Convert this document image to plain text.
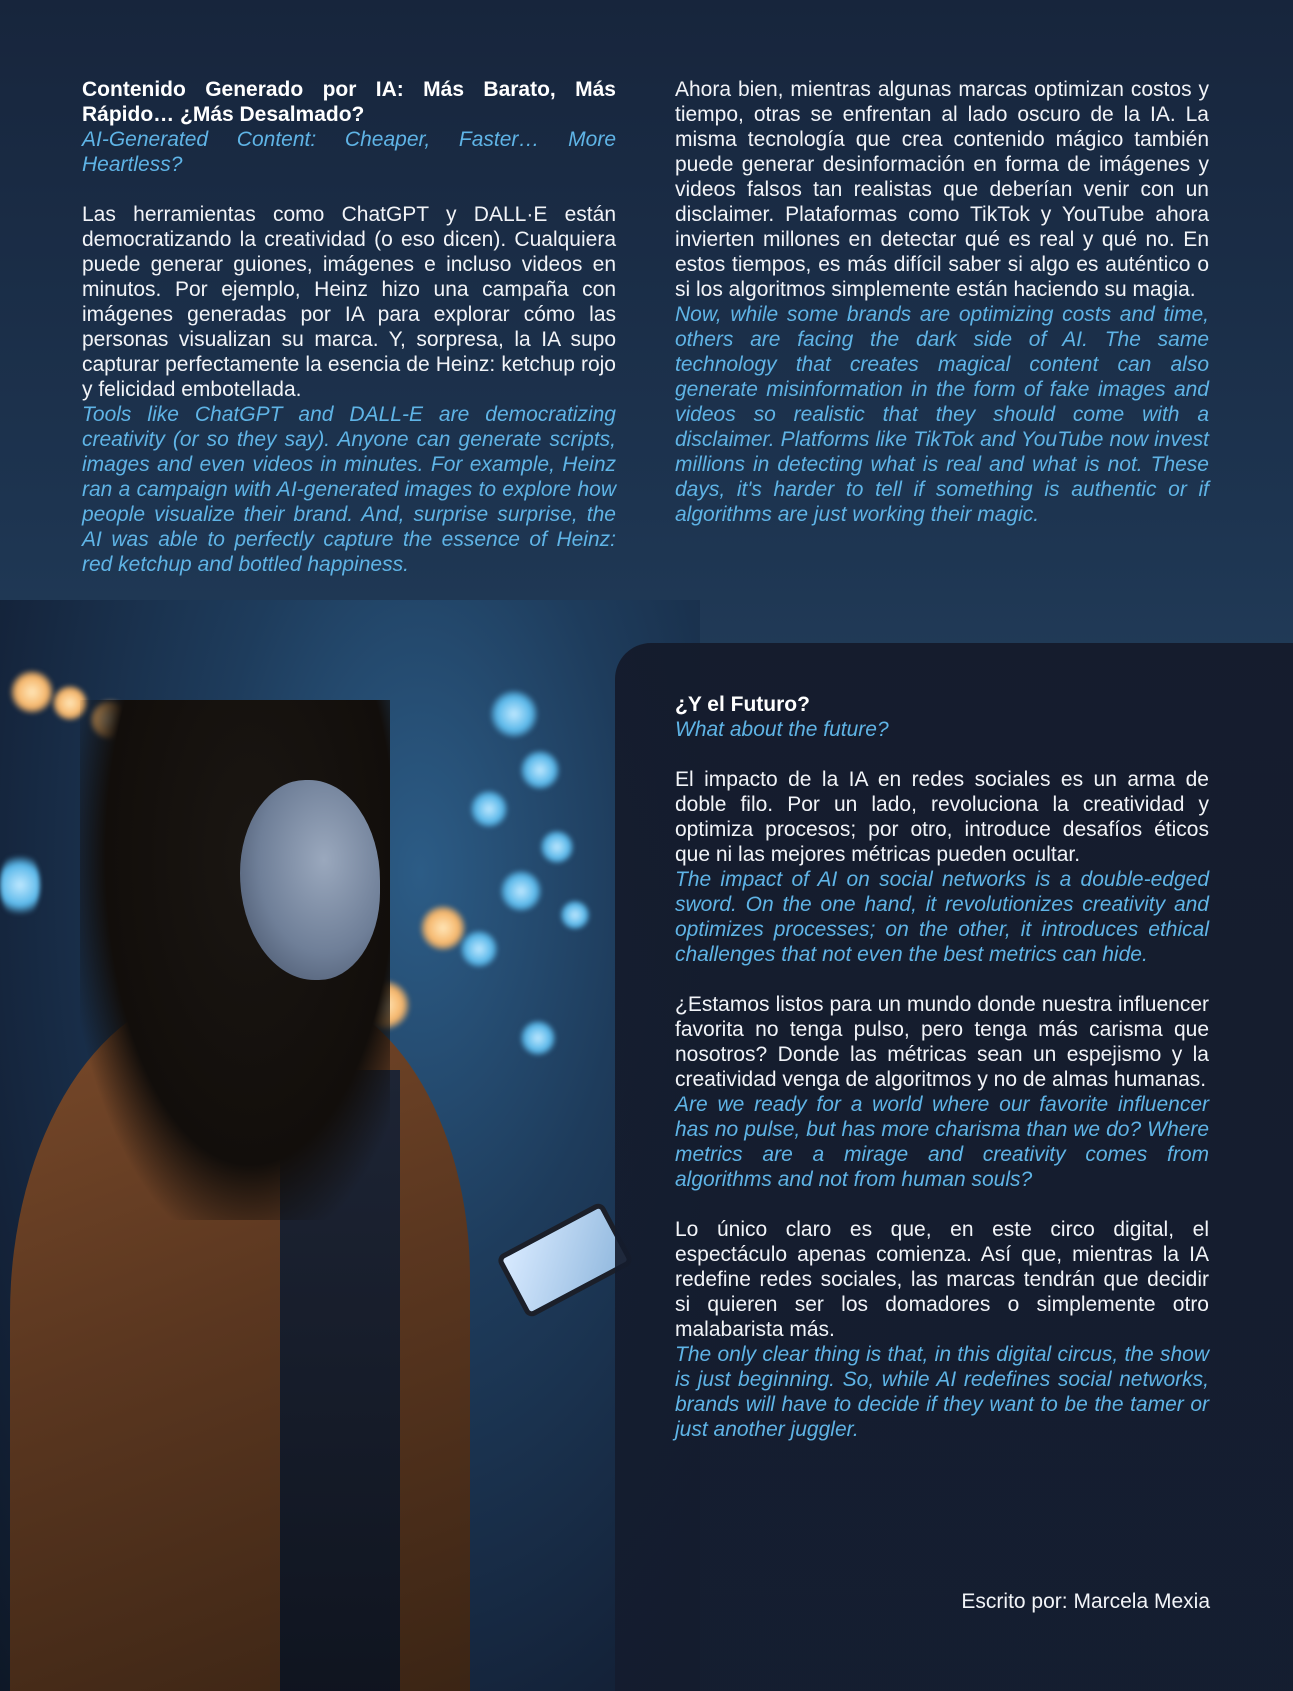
Contenido Generado por IA: Más Barato, Más Rápido… ¿Más Desalmado?

AI-Generated Content: Cheaper, Faster… More Heartless?

Las herramientas como ChatGPT y DALL·E están democratizando la creatividad (o eso dicen). Cualquiera puede generar guiones, imágenes e incluso videos en minutos. Por ejemplo, Heinz hizo una campaña con imágenes generadas por IA para explorar cómo las personas visualizan su marca. Y, sorpresa, la IA supo capturar perfectamente la esencia de Heinz: ketchup rojo y felicidad embotellada.

Tools like ChatGPT and DALL-E are democratizing creativity (or so they say). Anyone can generate scripts, images and even videos in minutes. For example, Heinz ran a campaign with AI-generated images to explore how people visualize their brand. And, surprise surprise, the AI was able to perfectly capture the essence of Heinz: red ketchup and bottled happiness.

Ahora bien, mientras algunas marcas optimizan costos y tiempo, otras se enfrentan al lado oscuro de la IA. La misma tecnología que crea contenido mágico también puede generar desinformación en forma de imágenes y videos falsos tan realistas que deberían venir con un disclaimer. Plataformas como TikTok y YouTube ahora invierten millones en detectar qué es real y qué no. En estos tiempos, es más difícil saber si algo es auténtico o si los algoritmos simplemente están haciendo su magia.

Now, while some brands are optimizing costs and time, others are facing the dark side of AI. The same technology that creates magical content can also generate misinformation in the form of fake images and videos so realistic that they should come with a disclaimer. Platforms like TikTok and YouTube now invest millions in detecting what is real and what is not. These days, it's harder to tell if something is authentic or if algorithms are just working their magic.

¿Y el Futuro?

What about the future?

El impacto de la IA en redes sociales es un arma de doble filo. Por un lado, revoluciona la creatividad y optimiza procesos; por otro, introduce desafíos éticos que ni las mejores métricas pueden ocultar.

The impact of AI on social networks is a double-edged sword. On the one hand, it revolutionizes creativity and optimizes processes; on the other, it introduces ethical challenges that not even the best metrics can hide.

¿Estamos listos para un mundo donde nuestra influencer favorita no tenga pulso, pero tenga más carisma que nosotros? Donde las métricas sean un espejismo y la creatividad venga de algoritmos y no de almas humanas.

Are we ready for a world where our favorite influencer has no pulse, but has more charisma than we do? Where metrics are a mirage and creativity comes from algorithms and not from human souls?

Lo único claro es que, en este circo digital, el espectáculo apenas comienza. Así que, mientras la IA redefine redes sociales, las marcas tendrán que decidir si quieren ser los domadores o simplemente otro malabarista más.

The only clear thing is that, in this digital circus, the show is just beginning. So, while AI redefines social networks, brands will have to decide if they want to be the tamer or just another juggler.

Escrito por: Marcela Mexia
